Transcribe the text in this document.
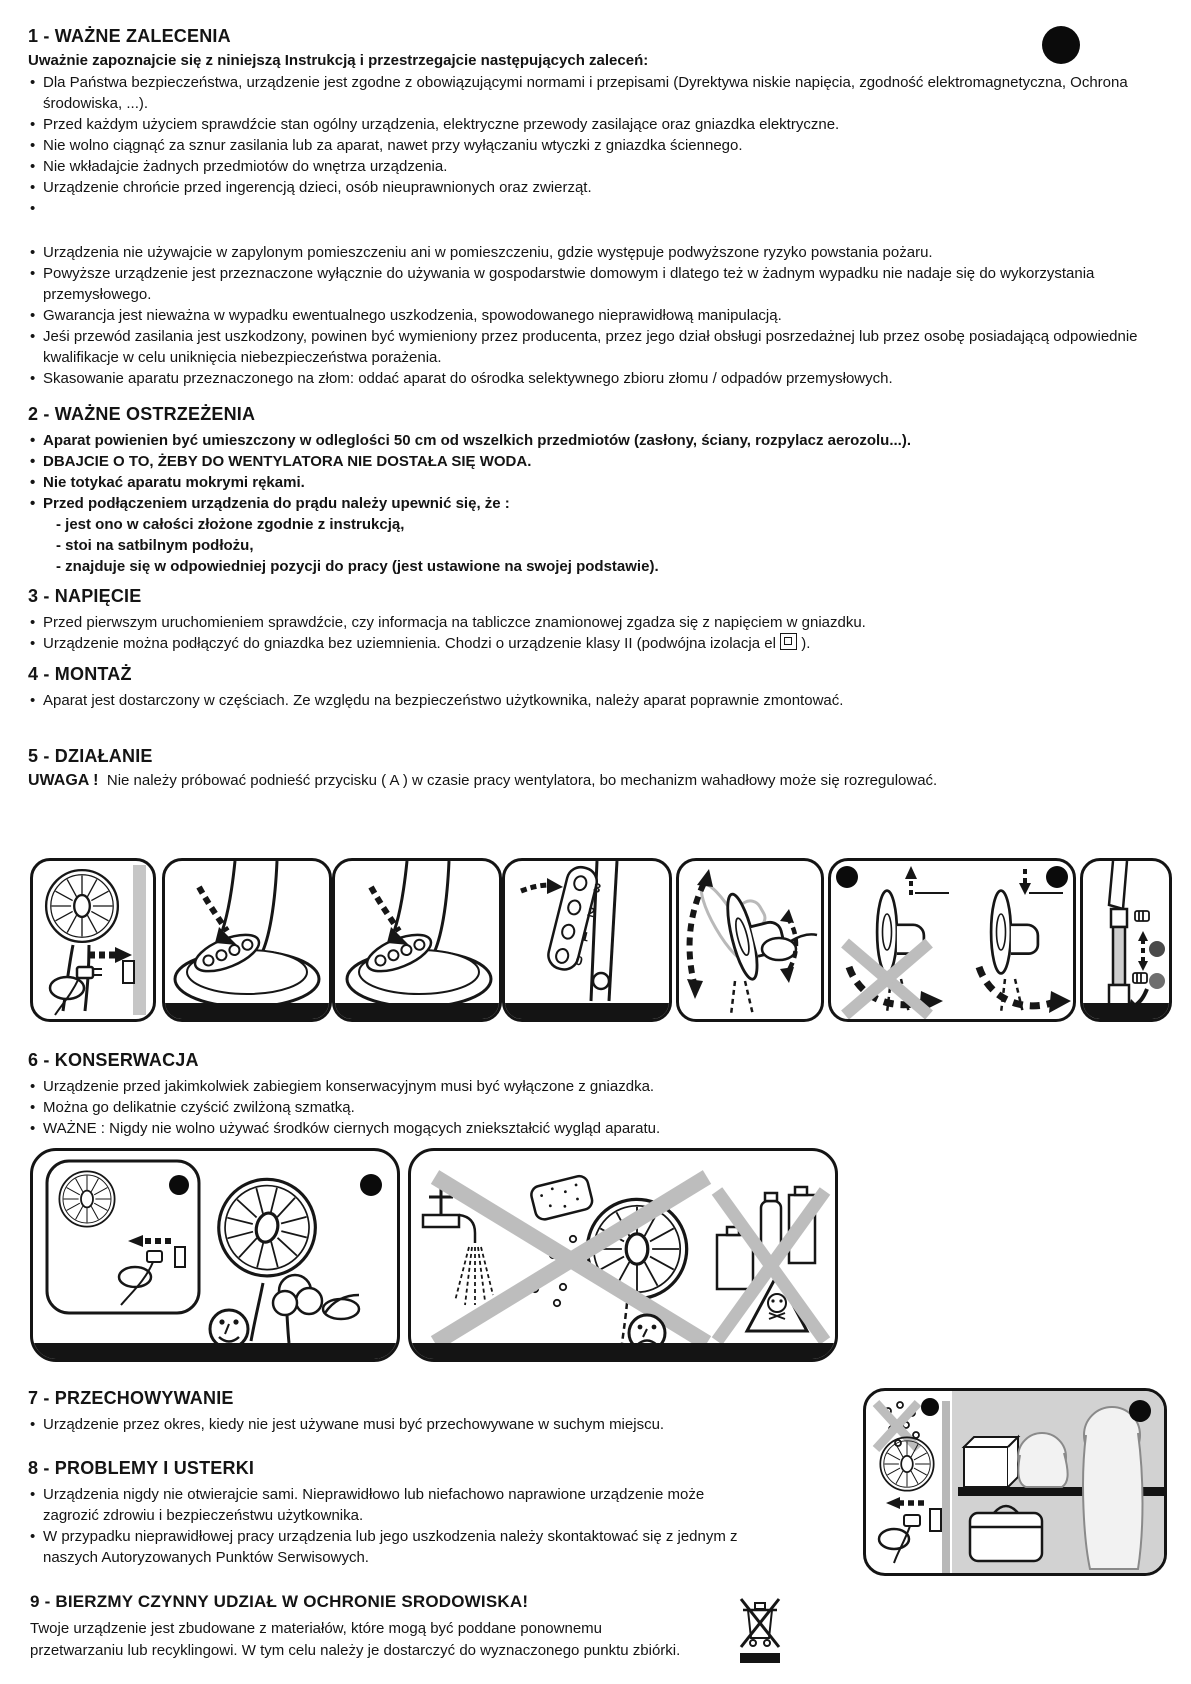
1 - WAŻNE ZALECENIA

Uważnie zapoznajcie się z niniejszą Instrukcją i przestrzegajcie następujących zaleceń:

• Dla Państwa bezpieczeństwa, urządzenie jest zgodne z obowiązującymi normami i przepisami (Dyrektywa niskie napięcia, zgodność elektromagnetyczna, Ochrona środowiska, ...).
• Przed każdym użyciem sprawdźcie stan ogólny urządzenia, elektryczne przewody zasilające oraz gniazdka elektryczne.
• Nie wolno ciągnąć za sznur zasilania lub za aparat, nawet przy wyłączaniu wtyczki z gniazdka ściennego.
• Nie wkładajcie żadnych przedmiotów do wnętrza urządzenia.
• Urządzenie chrońcie przed ingerencją dzieci, osób nieuprawnionych oraz zwierząt.
• Urządzenia nie używajcie w zapylonym pomieszczeniu ani w pomieszczeniu, gdzie występuje podwyższone ryzyko powstania pożaru.
• Powyższe urządzenie jest przeznaczone wyłącznie do używania w gospodarstwie domowym i dlatego też w żadnym wypadku nie nadaje się do wykorzystania przemysłowego.
• Gwarancja jest nieważna w wypadku ewentualnego uszkodzenia, spowodowanego nieprawidłową manipulacją.
• Jeśi przewód zasilania jest uszkodzony, powinen być wymieniony przez producenta, przez jego dział obsługi posrzedażnej lub przez osobę posiadającą odpowiednie kwalifikacje w celu uniknięcia niebezpieczeństwa porażenia.
• Skasowanie aparatu przeznaczonego na złom: oddać aparat do ośrodka selektywnego zbioru złomu / odpadów przemysłowych.
2 - WAŻNE OSTRZEŻENIA
• Aparat powienien być umieszczony w odleglości 50 cm od wszelkich przedmiotów (zasłony, ściany, rozpylacz aerozolu...).
• DBAJCIE O TO, ŻEBY DO WENTYLATORA NIE DOSTAŁA SIĘ WODA.
• Nie totykać aparatu mokrymi rękami.
• Przed podłączeniem urządzenia do prądu należy upewnić się, że :
- jest ono w całości złożone zgodnie z instrukcją,
- stoi na satbilnym podłożu,
- znajduje się w odpowiedniej pozycji do pracy (jest ustawione na swojej podstawie).
3 - NAPIĘCIE
• Przed pierwszym uruchomieniem sprawdźcie, czy informacja na tabliczce znamionowej zgadza się z napięciem w gniazdku.
• Urządzenie można podłączyć do gniazdka bez uziemnienia. Chodzi o urządzenie klasy II (podwójna izolacja el ).
4 - MONTAŻ
• Aparat jest dostarczony w częściach. Ze względu na bezpieczeństwo użytkownika, należy aparat poprawnie zmontować.
5 - DZIAŁANIE

UWAGA ! Nie należy próbować podnieść przycisku ( A ) w czasie pracy wentylatora, bo mechanizm wahadłowy może się rozregulować.

3
2
1
0
6 - KONSERWACJA
• Urządzenie przed jakimkolwiek zabiegiem konserwacyjnym musi być wyłączone z gniazdka.
• Można go delikatnie czyścić zwilżoną szmatką.
• WAŻNE : Nigdy nie wolno używać środków ciernych mogących zniekształcić wygląd aparatu.
7 - PRZECHOWYWANIE
• Urządzenie przez okres, kiedy nie jest używane musi być przechowywane w suchym miejscu.
8 - PROBLEMY I USTERKI
• Urządzenia nigdy nie otwierajcie sami. Nieprawidłowo lub niefachowo naprawione urządzenie może zagrozić zdrowiu i bezpieczeństwu użytkownika.
• W przypadku nieprawidłowej pracy urządzenia lub jego uszkodzenia należy skontaktować się z jednym z naszych Autoryzowanych Punktów Serwisowych.
9 - BIERZMY CZYNNY UDZIAŁ W OCHRONIE SRODOWISKA!

Twoje urządzenie jest zbudowane z materiałów, które mogą być poddane ponownemu przetwarzaniu lub recyklingowi. W tym celu należy je dostarczyć do wyznaczonego punktu zbiórki.
